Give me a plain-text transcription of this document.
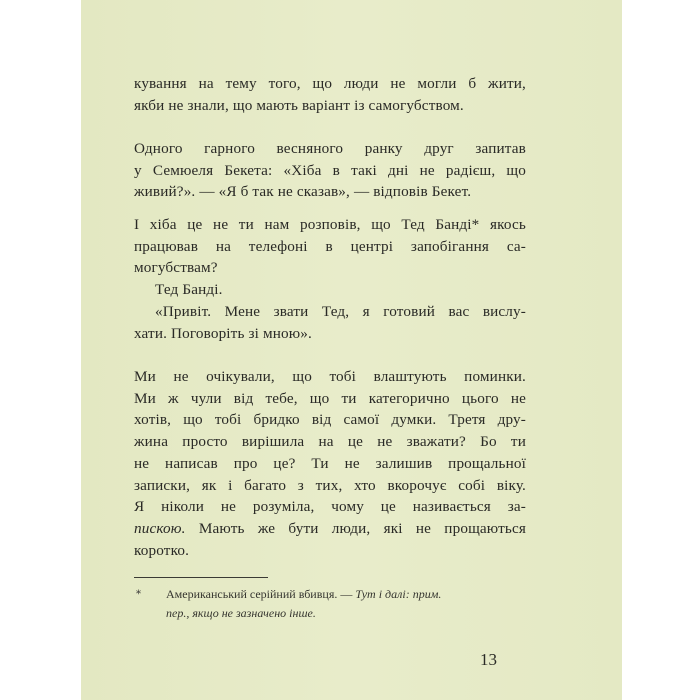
кування на тему того, що люди не могли б жити,
якби не знали, що мають варіант із самогубством.
Одного гарного весняного ранку друг запитав
у Семюеля Бекета: «Хіба в такі дні не радієш, що
живий?». — «Я б так не сказав», — відповів Бекет.
І хіба це не ти нам розповів, що Тед Банді* якось
працював на телефоні в центрі запобігання са-
могубствам?
Тед Банді.
«Привіт. Мене звати Тед, я готовий вас вислу-
хати. Поговоріть зі мною».
Ми не очікували, що тобі влаштують поминки.
Ми ж чули від тебе, що ти категорично цього не
хотів, що тобі бридко від самої думки. Третя дру-
жина просто вирішила на це не зважати? Бо ти
не написав про це? Ти не залишив прощальної
записки, як і багато з тих, хто вкорочує собі віку.
Я ніколи не розуміла, чому це називається за-
пискою. Мають же бути люди, які не прощаються
коротко.
* Американський серійний вбивця. — Тут і далі: прим.
пер., якщо не зазначено інше.
13
